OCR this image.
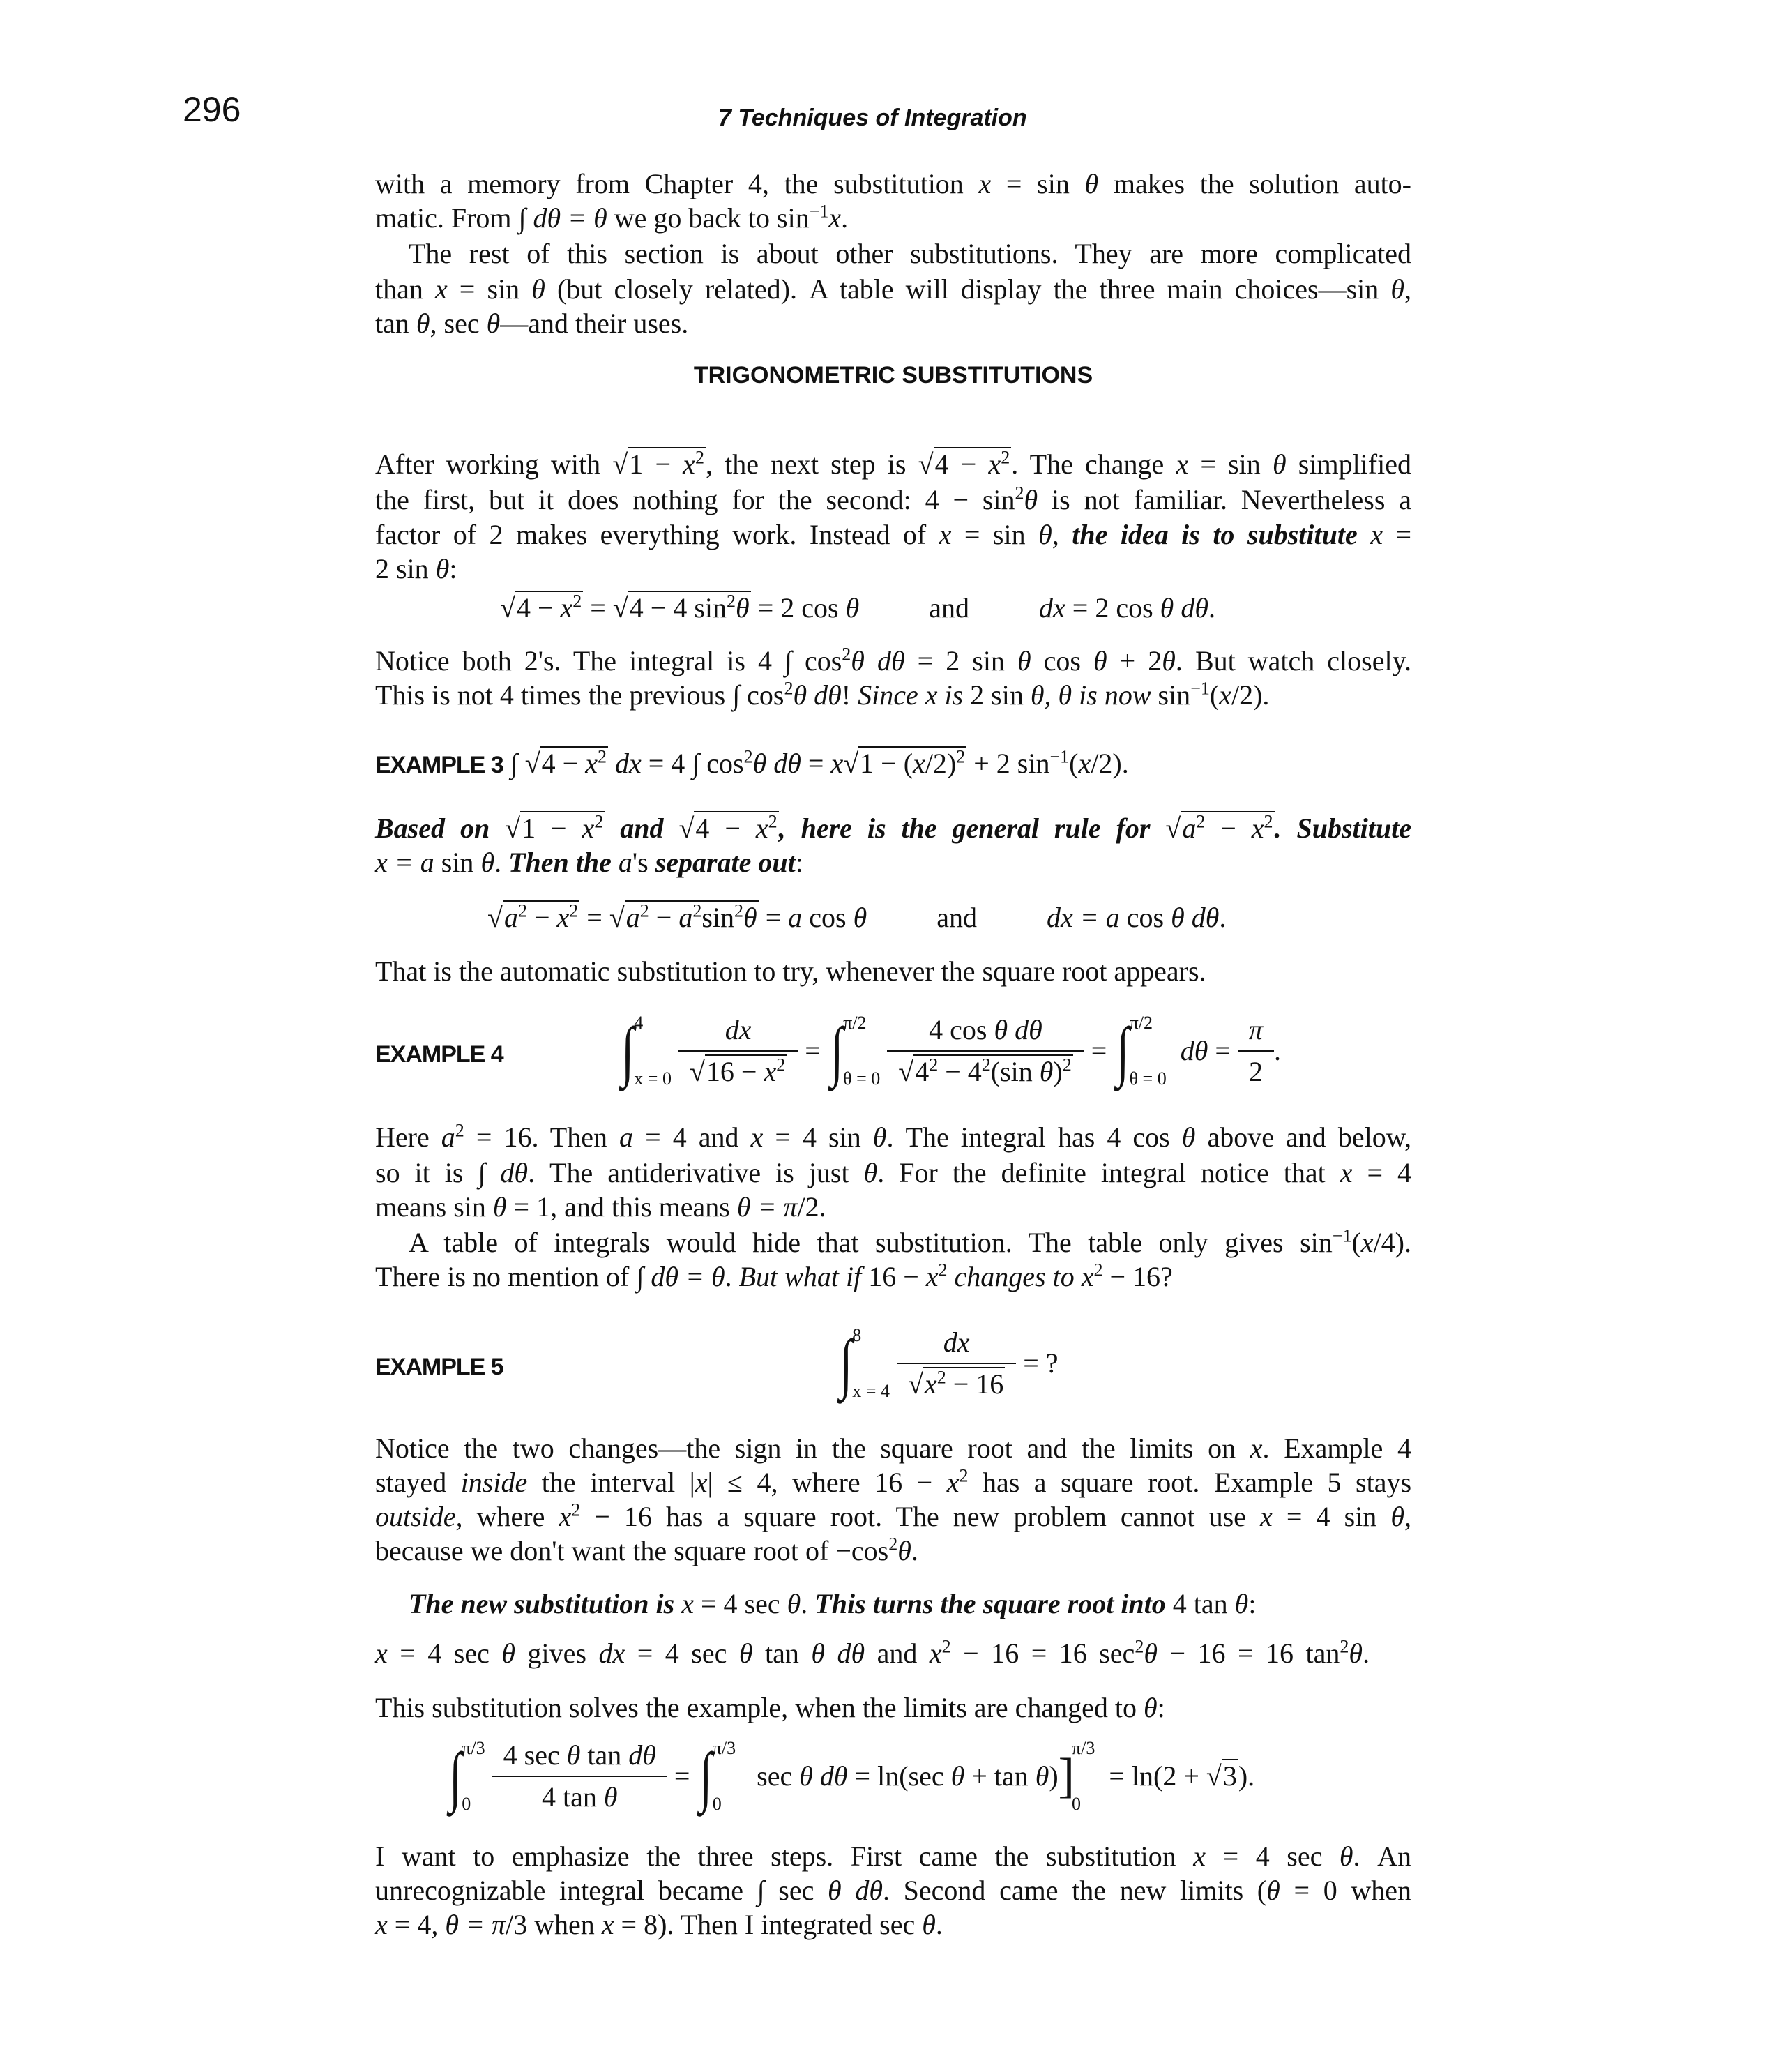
296	7 Techniques of Integration
TRIGONOMETRIC SUBSTITUTIONS
with a memory from Chapter 4, the substitution x = sin θ makes the solution auto-
matic. From ∫ dθ = θ we go back to $\sin^{-1}x$.
The rest of this section is about other substitutions. They are more complicated
than x = sin θ (but closely related). A table will display the three main choices—sin θ,
tan θ, sec θ—and their uses.
After working with $√1 - x^2$, the next step is $√4 - x^2$. The change x = sin θ simplified
the first, but it does nothing for the second: $4 - \sin^2\theta$ is not familiar. Nevertheless a
factor of 2 makes everything work. Instead of x = sin θ, the idea is to substitute x =
2 sin θ:
Notice both 2's. The integral is 4 ∫ $\cos^2\theta$ dθ = 2 sin θ cos θ + 2θ. But watch closely.
This is not 4 times the previous ∫ $\cos^2\theta$ dθ! Since x is 2 sin θ, θ is now $\sin^{-1}(x/2)$.
EXAMPLE 3 ∫ $√4 - x^2$ dx = 4 ∫ $\cos^2\theta$ $d\theta = x√1 - (x/2)^2 + 2$ $\sin^{-1}(x/2)$.
Based on $√1 - x^2$ and $√4 - x^2$, here is the general rule for $√a^2 - x^2$. Substitute
x = a sin θ. Then the a's separate out:
That is the automatic substitution to try, whenever the square root appears.
Here $a^2 = 16$. Then a = 4 and x = 4 sin θ. The integral has 4 cos θ above and below,
so it is ∫ dθ. The antiderivative is just θ. For the definite integral notice that x = 4
means sin θ = 1, and this means θ = π/2.
A table of integrals would hide that substitution. The table only gives $\sin^{-1}(x/4)$.
There is no mention of ∫ dθ = θ. But what if $16 - x^2$ changes to $x^2 - 16$?
Notice the two changes—the sign in the square root and the limits on x. Example 4
stayed inside the interval |x| ≤ 4, where $16 - x^2$ has a square root. Example 5 stays
outside, where $x^2 - 16$ has a square root. The new problem cannot use x = 4 sin θ,
because we don't want the square root of $-\cos^2\theta$.
The new substitution is x = 4 sec θ. This turns the square root into 4 tan θ:
x = 4 sec θ gives dx = 4 sec θ tan θ dθ and $x^2 - 16 = 16$ $\sec^2\theta - 16 = 16$ $\tan^2\theta$.
This substitution solves the example, when the limits are changed to θ:
I want to emphasize the three steps. First came the substitution x = 4 sec θ. An
unrecognizable integral became ∫ sec θ dθ. Second came the new limits (θ = 0 when
x = 4, θ = π/3 when x = 8). Then I integrated sec θ.
$√4 - x^2 = √4 - 4$ $\sin^2\theta = 2$ cos θ and dx = 2 cos θ dθ .
$√a^2 - x^2 = √a^2 - a^2\sin^2\theta = a$ cos θ and dx = a cos θ dθ .
∫ 4
$x = 0 \frac{dx}{√16 - x^2}$ = ∫ π/2
$\theta = 0 \frac{\text{4 cos θ dθ}}{√4^2 - 4^2(\sin \theta)^2}$ = ∫ π/2
θ = 0
$d\theta = \frac{\pi}{2}$ .
EXAMPLE 4
∫ 8
$x = 4 \frac{dx}{√x^2 - 16}$ = ?
EXAMPLE 5
∫ π/3
$0 \frac{\text{4 sec θ tan dθ}}{\text{4 tan θ}}$ = ∫ π/3
0
sec θ dθ = ln(sec θ + tan θ ) ]
π/3
0
= ln(2 + √3 ).
